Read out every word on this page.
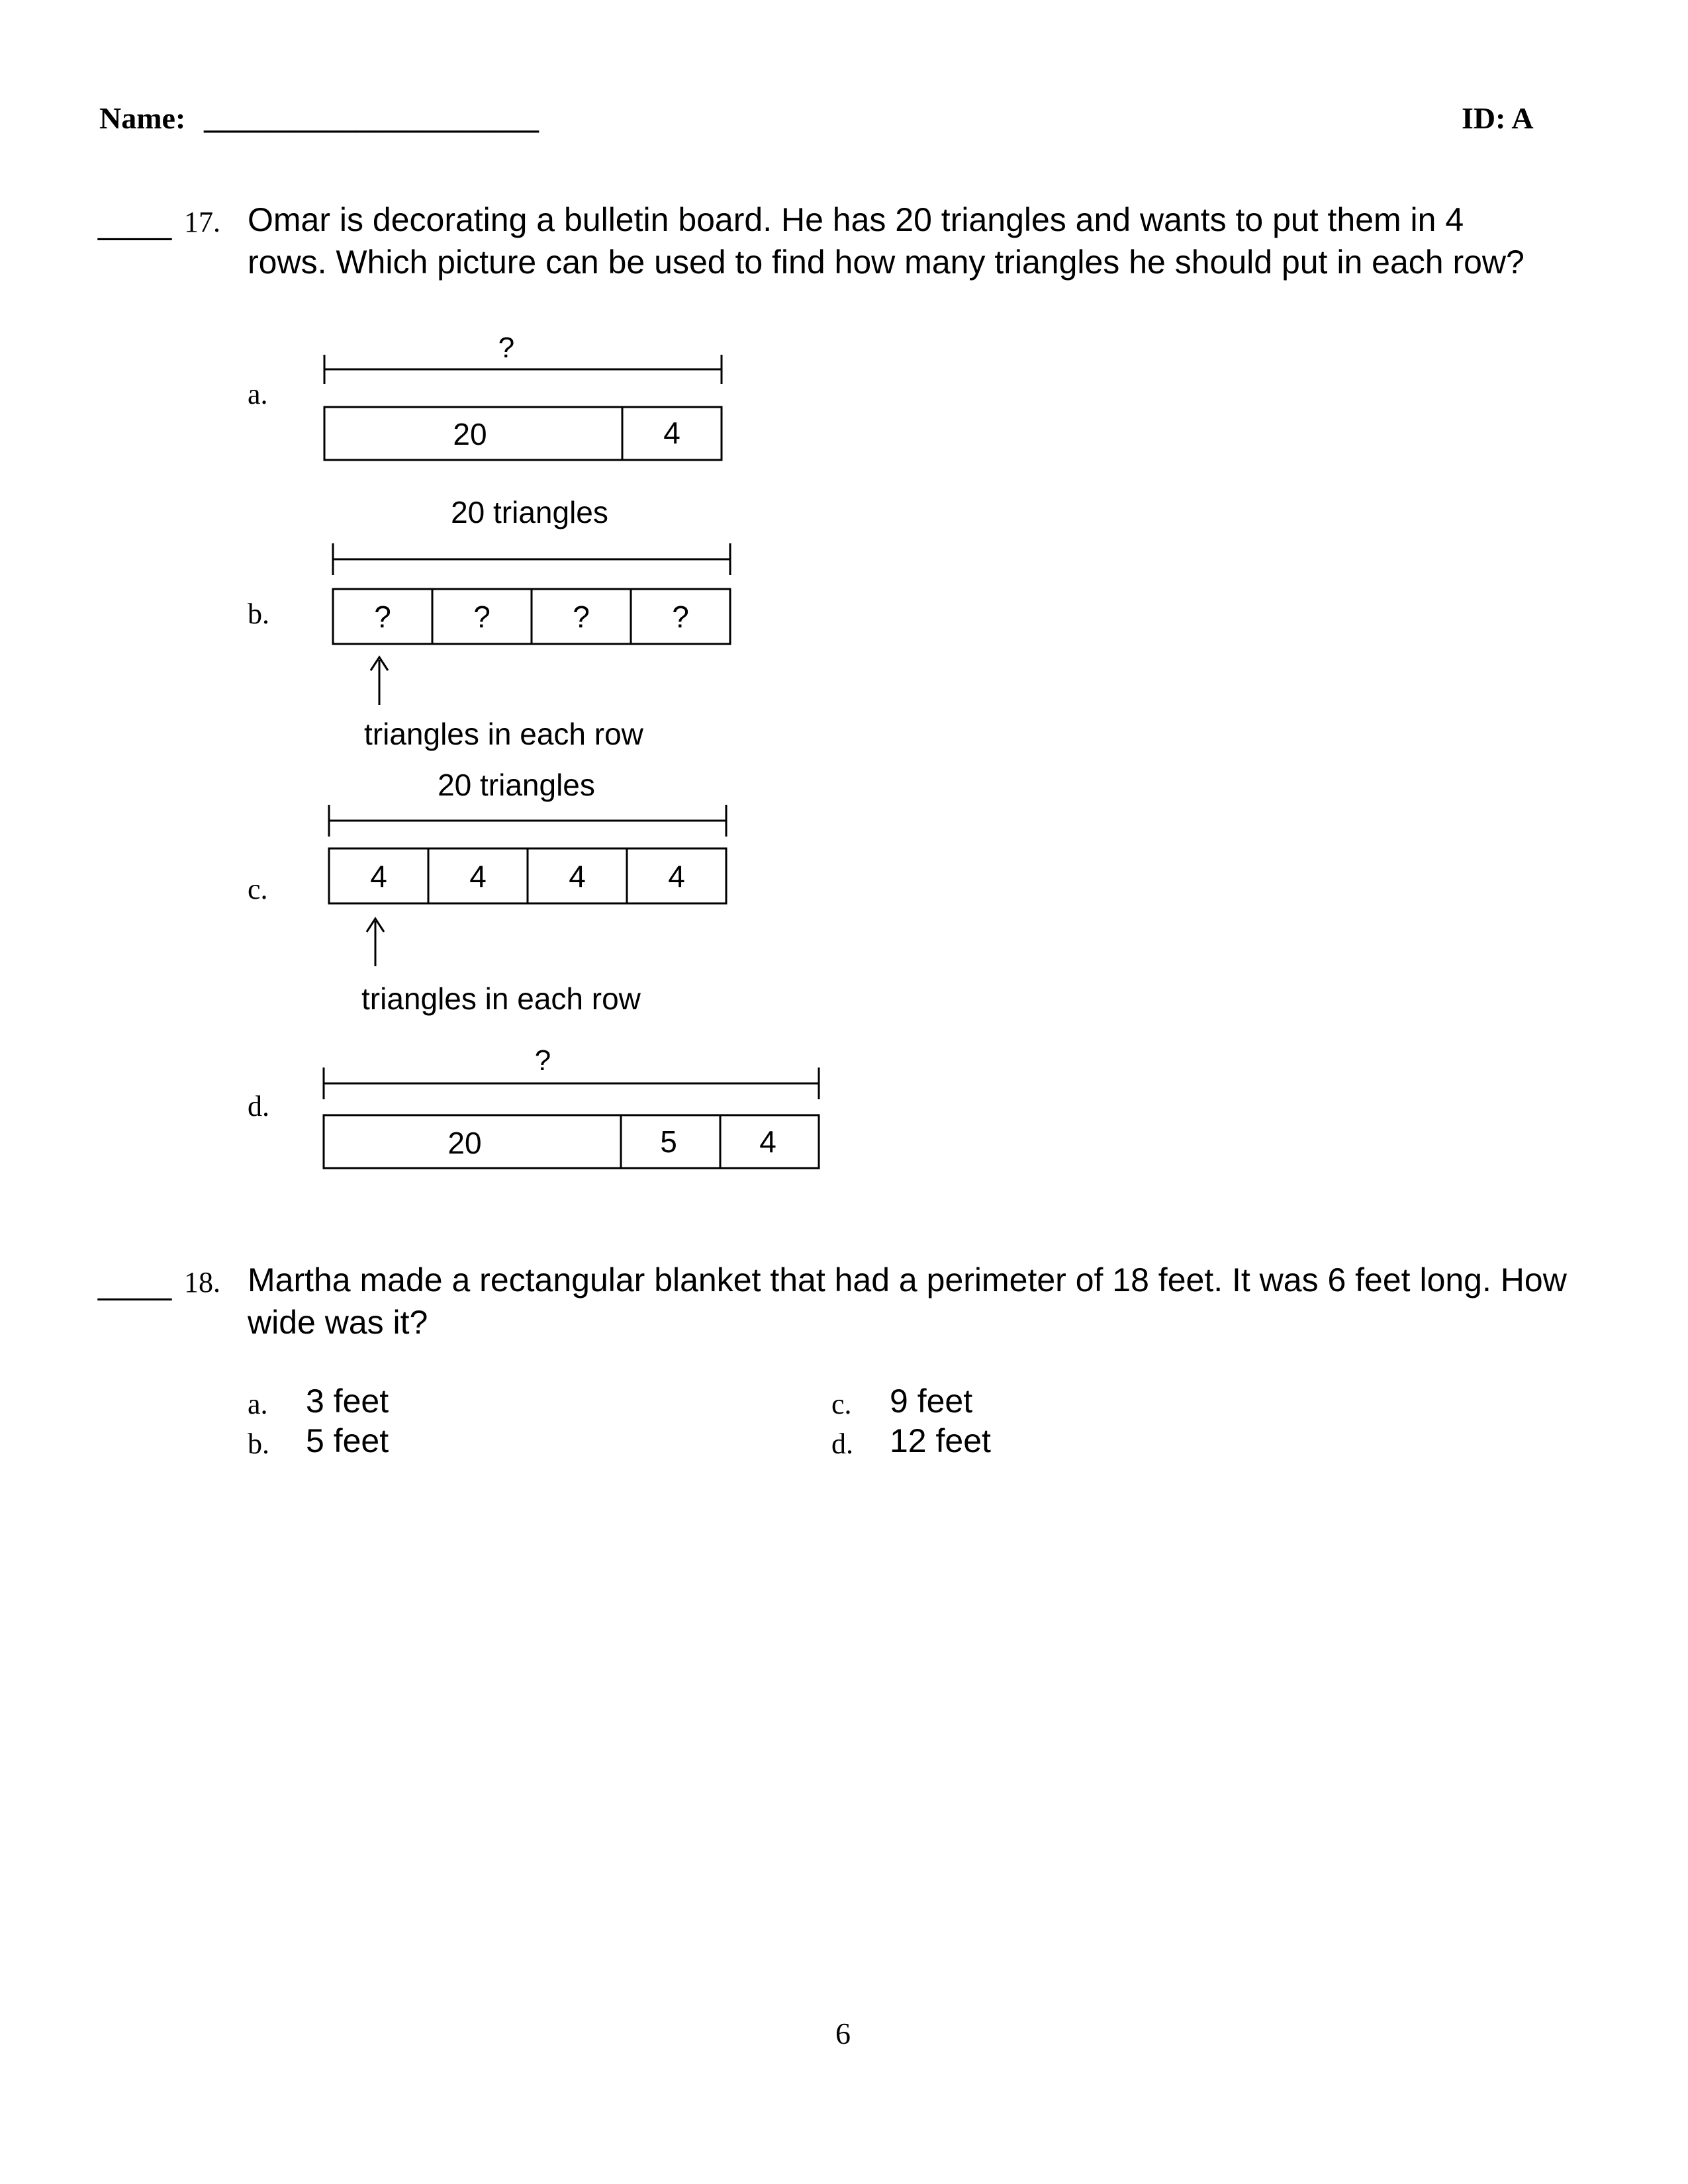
Name: ______________________	ID: A
____ 17. Omar is decorating a bulletin board. He has 20 triangles and wants to put them in 4
rows. Which picture can be used to find how many triangles he should put in each row?
a.
b.
c.
d.
?
20	4
20 triangles
?	?	?	?
triangles in each row
20 triangles
4	4	4	4
triangles in each row
?
20	5	4
____ 18. Martha made a rectangular blanket that had a perimeter of 18 feet. It was 6 feet long. How
wide was it?
a. 3 feet
b. 5 feet
c. 9 feet
d. 12 feet
6
